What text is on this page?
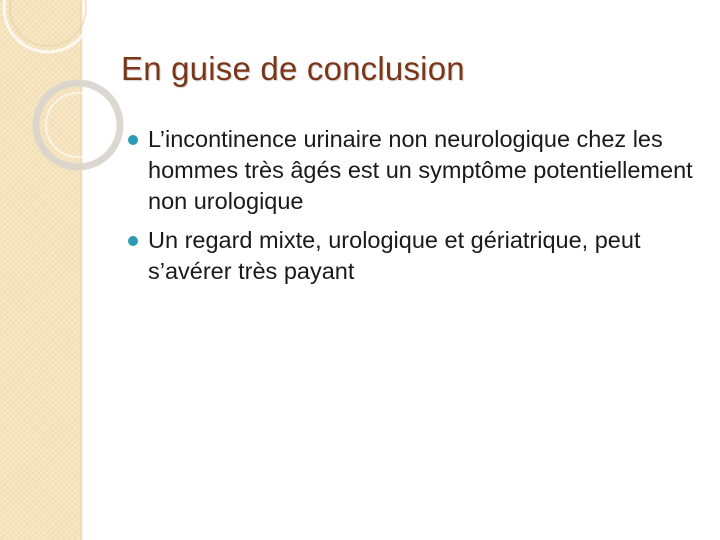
En guise de conclusion
L’incontinence urinaire non neurologique chez les hommes très âgés est un symptôme potentiellement non urologique
Un regard mixte, urologique et gériatrique, peut s’avérer très payant
